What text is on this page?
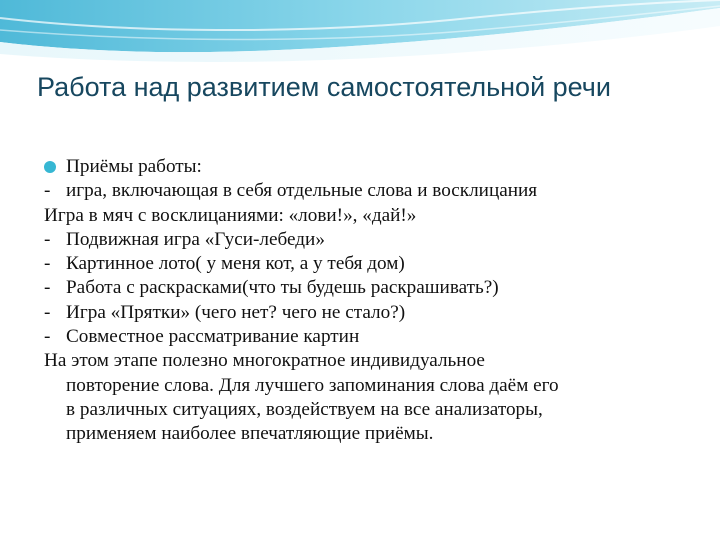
Работа над развитием самостоятельной речи
Приёмы работы:
- игра, включающая в себя отдельные слова и восклицания
Игра в мяч с восклицаниями: «лови!», «дай!»
- Подвижная игра «Гуси-лебеди»
- Картинное лото( у меня кот, а у тебя дом)
- Работа с раскрасками(что ты будешь раскрашивать?)
- Игра «Прятки» (чего нет? чего не стало?)
- Совместное рассматривание картин
На этом этапе полезно многократное индивидуальное
повторение слова. Для лучшего запоминания слова даём его
в различных ситуациях, воздействуем на все анализаторы,
применяем наиболее впечатляющие приёмы.
